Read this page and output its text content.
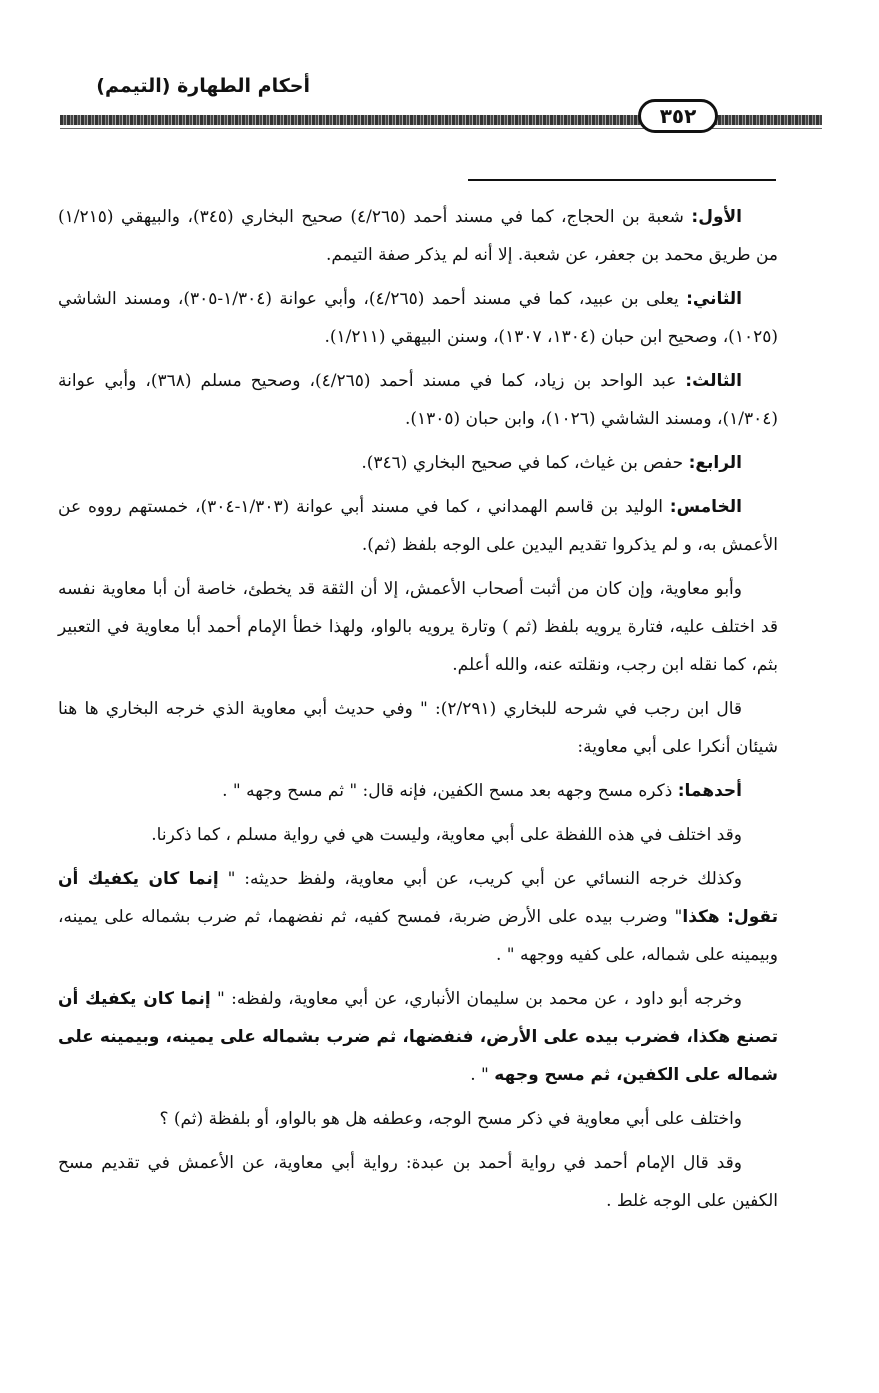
أحكام الطهارة (التيمم)
٣٥٢

الأول: شعبة بن الحجاج، كما في مسند أحمد (٤/٢٦٥) صحيح البخاري (٣٤٥)، والبيهقي (١/٢١٥) من طريق محمد بن جعفر، عن شعبة. إلا أنه لم يذكر صفة التيمم.

الثاني: يعلى بن عبيد، كما في مسند أحمد (٤/٢٦٥)، وأبي عوانة (١/٣٠٤-٣٠٥)، ومسند الشاشي (١٠٢٥)، وصحيح ابن حبان (١٣٠٤، ١٣٠٧)، وسنن البيهقي (١/٢١١).

الثالث: عبد الواحد بن زياد، كما في مسند أحمد (٤/٢٦٥)، وصحيح مسلم (٣٦٨)، وأبي عوانة (١/٣٠٤)، ومسند الشاشي (١٠٢٦)، وابن حبان (١٣٠٥).

الرابع: حفص بن غياث، كما في صحيح البخاري (٣٤٦).

الخامس: الوليد بن قاسم الهمداني ، كما في مسند أبي عوانة (١/٣٠٣-٣٠٤)، خمستهم رووه عن الأعمش به، و لم يذكروا تقديم اليدين على الوجه بلفظ (ثم).

وأبو معاوية، وإن كان من أثبت أصحاب الأعمش، إلا أن الثقة قد يخطئ، خاصة أن أبا معاوية نفسه قد اختلف عليه، فتارة يرويه بلفظ (ثم ) وتارة يرويه بالواو، ولهذا خطأ الإمام أحمد أبا معاوية في التعبير بثم، كما نقله ابن رجب، ونقلته عنه، والله أعلم.

قال ابن رجب في شرحه للبخاري (٢/٢٩١): " وفي حديث أبي معاوية الذي خرجه البخاري ها هنا شيئان أنكرا على أبي معاوية:

أحدهما: ذكره مسح وجهه بعد مسح الكفين، فإنه قال: " ثم مسح وجهه " .

وقد اختلف في هذه اللفظة على أبي معاوية، وليست هي في رواية مسلم ، كما ذكرنا.

وكذلك خرجه النسائي عن أبي كريب، عن أبي معاوية، ولفظ حديثه: " إنما كان يكفيك أن تقول: هكذا" وضرب بيده على الأرض ضربة، فمسح كفيه، ثم نفضهما، ثم ضرب بشماله على يمينه، وبيمينه على شماله، على كفيه ووجهه " .

وخرجه أبو داود ، عن محمد بن سليمان الأنباري، عن أبي معاوية، ولفظه: " إنما كان يكفيك أن تصنع هكذا، فضرب بيده على الأرض، فنفضها، ثم ضرب بشماله على يمينه، وبيمينه على شماله على الكفين، ثم مسح وجهه " .

واختلف على أبي معاوية في ذكر مسح الوجه، وعطفه هل هو بالواو، أو بلفظة (ثم) ؟

وقد قال الإمام أحمد في رواية أحمد بن عبدة: رواية أبي معاوية، عن الأعمش في تقديم مسح الكفين على الوجه غلط .
